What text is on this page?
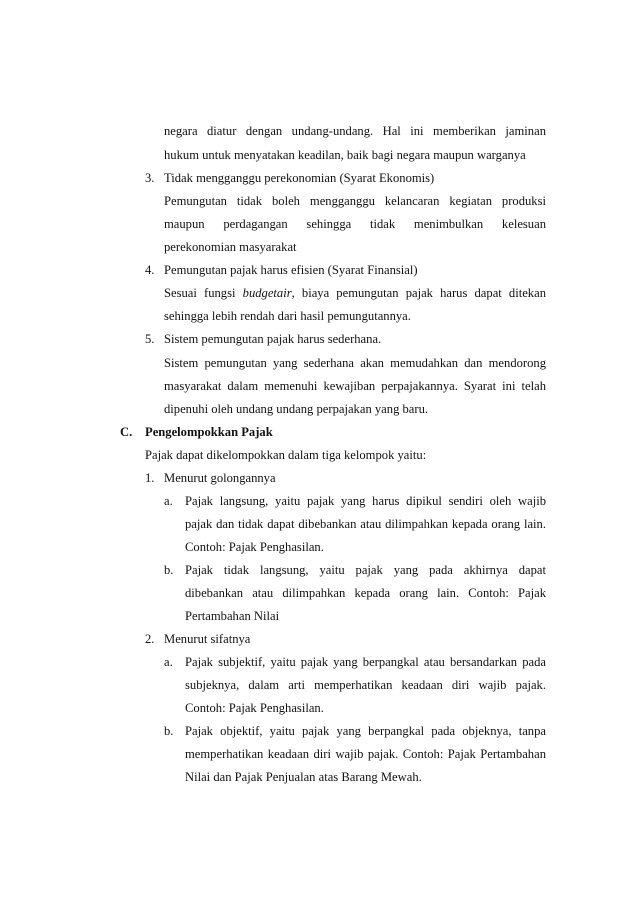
negara diatur dengan undang-undang. Hal ini memberikan jaminan
hukum untuk menyatakan keadilan, baik bagi negara maupun warganya
3. Tidak mengganggu perekonomian (Syarat Ekonomis)
Pemungutan tidak boleh mengganggu kelancaran kegiatan produksi
maupun perdagangan sehingga tidak menimbulkan kelesuan
perekonomian masyarakat
4. Pemungutan pajak harus efisien (Syarat Finansial)
Sesuai fungsi budgetair, biaya pemungutan pajak harus dapat ditekan
sehingga lebih rendah dari hasil pemungutannya.
5. Sistem pemungutan pajak harus sederhana.
Sistem pemungutan yang sederhana akan memudahkan dan mendorong
masyarakat dalam memenuhi kewajiban perpajakannya. Syarat ini telah
dipenuhi oleh undang undang perpajakan yang baru.
C. Pengelompokkan Pajak
Pajak dapat dikelompokkan dalam tiga kelompok yaitu:
1. Menurut golongannya
a. Pajak langsung, yaitu pajak yang harus dipikul sendiri oleh wajib
pajak dan tidak dapat dibebankan atau dilimpahkan kepada orang lain.
Contoh: Pajak Penghasilan.
b. Pajak tidak langsung, yaitu pajak yang pada akhirnya dapat
dibebankan atau dilimpahkan kepada orang lain. Contoh: Pajak
Pertambahan Nilai
2. Menurut sifatnya
a. Pajak subjektif, yaitu pajak yang berpangkal atau bersandarkan pada
subjeknya, dalam arti memperhatikan keadaan diri wajib pajak.
Contoh: Pajak Penghasilan.
b. Pajak objektif, yaitu pajak yang berpangkal pada objeknya, tanpa
memperhatikan keadaan diri wajib pajak. Contoh: Pajak Pertambahan
Nilai dan Pajak Penjualan atas Barang Mewah.
